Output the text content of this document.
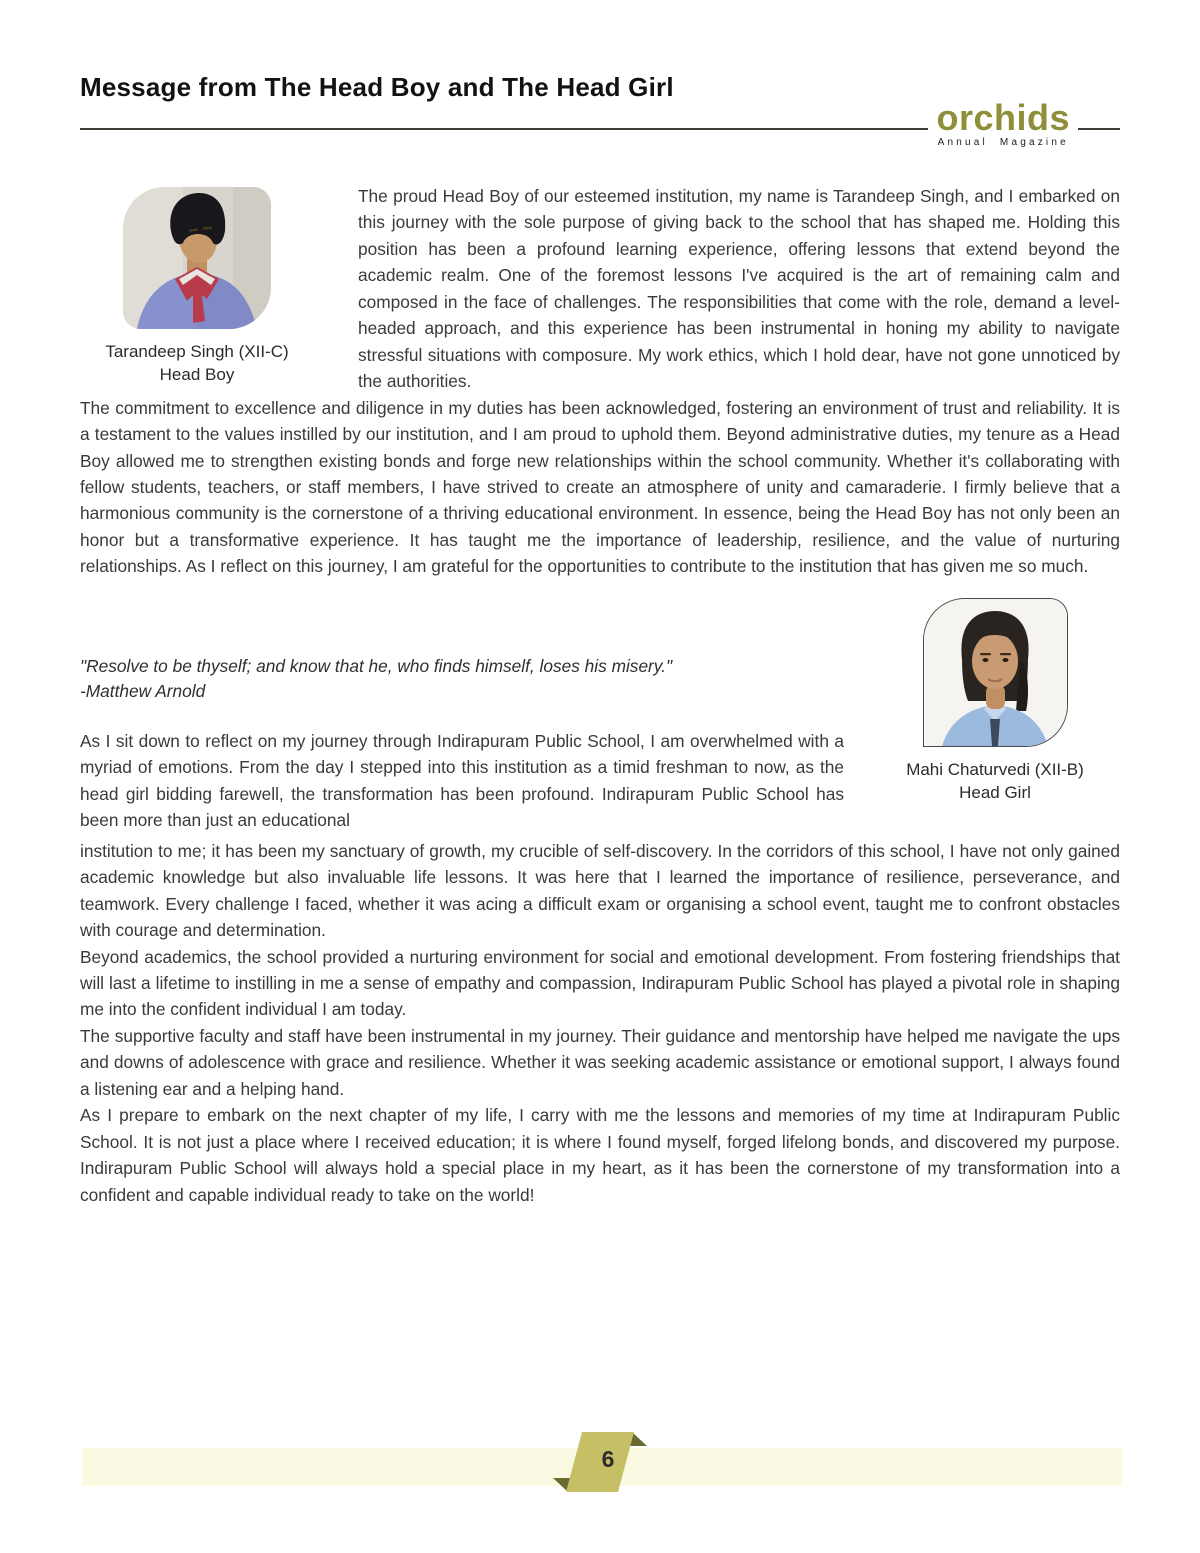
Message from The Head Boy and The Head Girl
orchids
Annual Magazine
Tarandeep Singh (XII-C)
Head Boy

The proud Head Boy of our esteemed institution, my name is Tarandeep Singh, and I embarked on this journey with the sole purpose of giving back to the school that has shaped me. Holding this position has been a profound learning experience, offering lessons that extend beyond the academic realm. One of the foremost lessons I've acquired is the art of remaining calm and composed in the face of challenges. The responsibilities that come with the role, demand a level-headed approach, and this experience has been instrumental in honing my ability to navigate stressful situations with composure. My work ethics, which I hold dear, have not gone unnoticed by the authorities.

The commitment to excellence and diligence in my duties has been acknowledged, fostering an environment of trust and reliability. It is a testament to the values instilled by our institution, and I am proud to uphold them. Beyond administrative duties, my tenure as a Head Boy allowed me to strengthen existing bonds and forge new relationships within the school community. Whether it's collaborating with fellow students, teachers, or staff members, I have strived to create an atmosphere of unity and camaraderie. I firmly believe that a harmonious community is the cornerstone of a thriving educational environment. In essence, being the Head Boy has not only been an honor but a transformative experience. It has taught me the importance of leadership, resilience, and the value of nurturing relationships. As I reflect on this journey, I am grateful for the opportunities to contribute to the institution that has given me so much.

"Resolve to be thyself; and know that he, who finds himself, loses his misery."
-Matthew Arnold

As I sit down to reflect on my journey through Indirapuram Public School, I am overwhelmed with a myriad of emotions. From the day I stepped into this institution as a timid freshman to now, as the head girl bidding farewell, the transformation has been profound. Indirapuram Public School has been more than just an educational

Mahi Chaturvedi (XII-B)
Head Girl

institution to me; it has been my sanctuary of growth, my crucible of self-discovery. In the corridors of this school, I have not only gained academic knowledge but also invaluable life lessons. It was here that I learned the importance of resilience, perseverance, and teamwork. Every challenge I faced, whether it was acing a difficult exam or organising a school event, taught me to confront obstacles with courage and determination.

Beyond academics, the school provided a nurturing environment for social and emotional development. From fostering friendships that will last a lifetime to instilling in me a sense of empathy and compassion, Indirapuram Public School has played a pivotal role in shaping me into the confident individual I am today.

The supportive faculty and staff have been instrumental in my journey. Their guidance and mentorship have helped me navigate the ups and downs of adolescence with grace and resilience. Whether it was seeking academic assistance or emotional support, I always found a listening ear and a helping hand.

As I prepare to embark on the next chapter of my life, I carry with me the lessons and memories of my time at Indirapuram Public School. It is not just a place where I received education; it is where I found myself, forged lifelong bonds, and discovered my purpose. Indirapuram Public School will always hold a special place in my heart, as it has been the cornerstone of my transformation into a confident and capable individual ready to take on the world!

6
